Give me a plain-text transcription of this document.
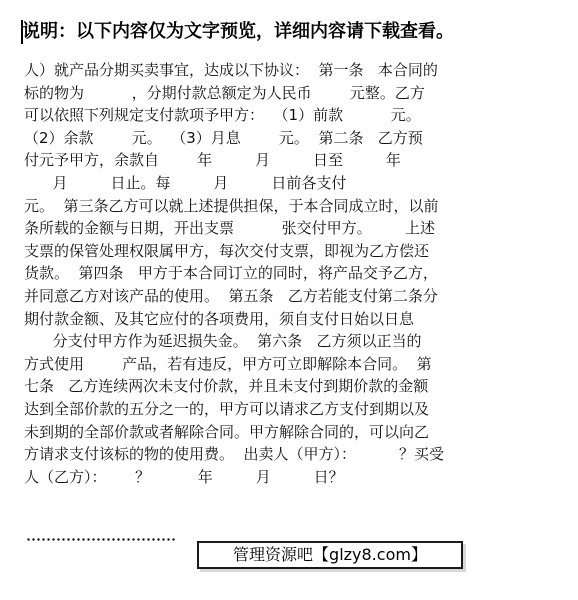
说明：以下内容仅为文字预览，详细内容请下载查看。
人）就产品分期买卖事宜，达成以下协议：  第一条   本合同的
标的物为          ，分期付款总额定为人民币        元整。乙方
可以依照下列规定支付款项予甲方：  （1）前款          元。
（2）余款        元。  （3）月息        元。  第二条   乙方预
付元予甲方，余款自        年         月         日至         年
月         日止。每         月         日前各支付
元。  第三条乙方可以就上述提供担保，于本合同成立时，以前
条所载的金额与日期，开出支票          张交付甲方。       上述
支票的保管处理权限属甲方，每次交付支票，即视为乙方偿还
货款。  第四条   甲方于本合同订立的同时，将产品交予乙方，
并同意乙方对该产品的使用。  第五条   乙方若能支付第二条分
期付款金额、及其它应付的各项费用，须自支付日始以日息
分支付甲方作为延迟损失金。  第六条   乙方须以正当的
方式使用        产品，若有违反，甲方可立即解除本合同。  第
七条   乙方连续两次未支付价款，并且未支付到期价款的金额
达到全部价款的五分之一的，甲方可以请求乙方支付到期以及
未到期的全部价款或者解除合同。甲方解除合同的，可以向乙
方请求支付该标的物的使用费。  出卖人（甲方）：         ？买受
人（乙方）：      ？          年         月         日？
管理资源吧【glzy8.com】
